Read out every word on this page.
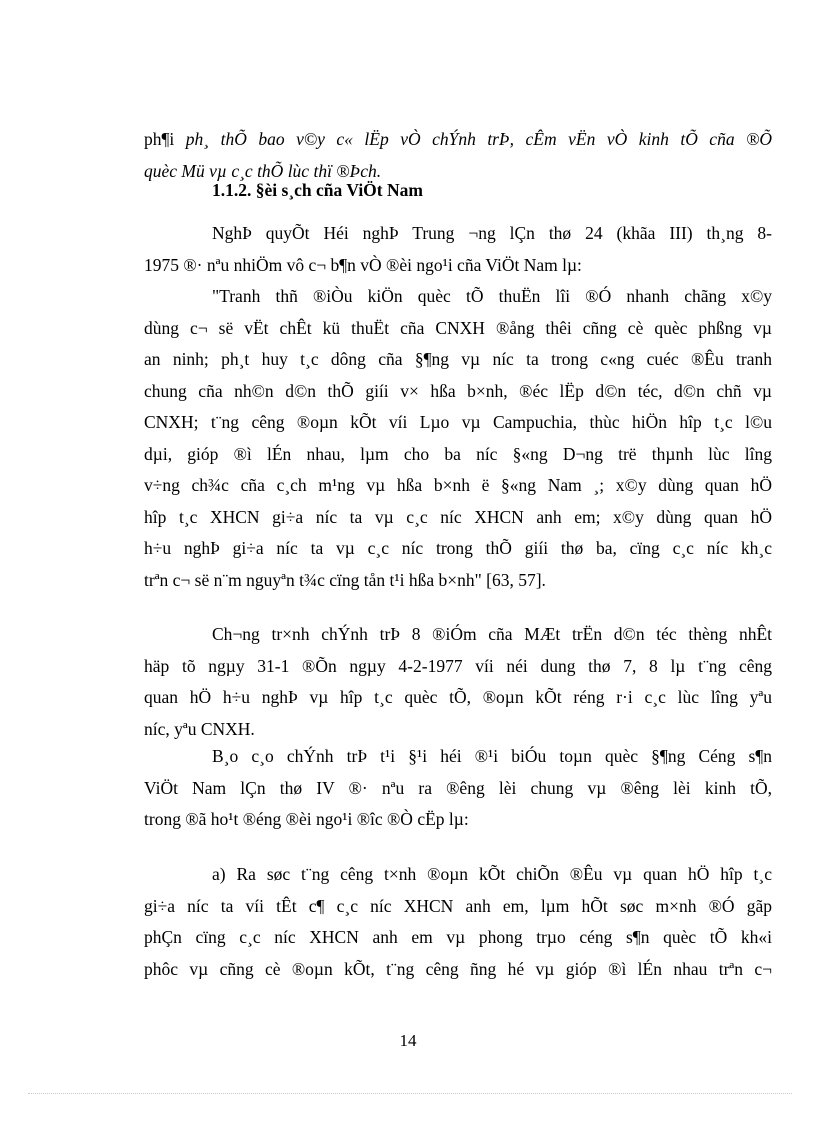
ph¶i ph¸ thÕ bao v©y c« lËp vÒ chÝnh trÞ, cÊm vËn vÒ kinh tÕ cña ®Õ
quèc Mü vµ c¸c thÕ lùc thï ®Þch.
1.1.2. §èi s¸ch cña ViÖt Nam
NghÞ quyÕt Héi nghÞ Trung ¬ng lÇn thø 24 (khãa III) th¸ng 8-
1975 ®· nªu nhiÖm vô c¬ b¶n vÒ ®èi ngo¹i cña ViÖt Nam lµ:
"Tranh thñ ®iÒu kiÖn quèc tÕ thuËn lîi ®Ó nhanh chãng x©y
dùng c¬ së vËt chÊt kü thuËt cña CNXH ®ång thêi cñng cè quèc phßng vµ
an ninh; ph¸t huy t¸c dông cña §¶ng vµ níc ta trong c«ng cuéc ®Êu tranh
chung cña nh©n d©n thÕ giíi v× hßa b×nh, ®éc lËp d©n téc, d©n chñ vµ
CNXH; t¨ng cêng ®oµn kÕt víi Lµo vµ Campuchia, thùc hiÖn hîp t¸c l©u
dµi, gióp ®ì lÉn nhau, lµm cho ba níc §«ng D¬ng trë thµnh lùc lîng
v÷ng ch¾c cña c¸ch m¹ng vµ hßa b×nh ë §«ng Nam ¸; x©y dùng quan hÖ
hîp t¸c XHCN gi÷a níc ta vµ c¸c níc XHCN anh em; x©y dùng quan hÖ
h÷u nghÞ gi÷a níc ta vµ c¸c níc trong thÕ giíi thø ba, cïng c¸c níc kh¸c
trªn c¬ së n¨m nguyªn t¾c cïng tån t¹i hßa b×nh" [63, 57].
Ch¬ng tr×nh chÝnh trÞ 8 ®iÓm cña MÆt trËn d©n téc thèng nhÊt
häp tõ ngµy 31-1 ®Õn ngµy 4-2-1977 víi néi dung thø 7, 8 lµ t¨ng cêng
quan hÖ h÷u nghÞ vµ hîp t¸c quèc tÕ, ®oµn kÕt réng r·i c¸c lùc lîng yªu
níc, yªu CNXH.
B¸o c¸o chÝnh trÞ t¹i §¹i héi ®¹i biÓu toµn quèc §¶ng Céng s¶n
ViÖt Nam lÇn thø IV ®· nªu ra ®êng lèi chung vµ ®êng lèi kinh tÕ,
trong ®ã ho¹t ®éng ®èi ngo¹i ®îc ®Ò cËp lµ:
a) Ra søc t¨ng cêng t×nh ®oµn kÕt chiÕn ®Êu vµ quan hÖ hîp t¸c
gi÷a níc ta víi tÊt c¶ c¸c níc XHCN anh em, lµm hÕt søc m×nh ®Ó gãp
phÇn cïng c¸c níc XHCN anh em vµ phong trµo céng s¶n quèc tÕ kh«i
phôc vµ cñng cè ®oµn kÕt, t¨ng cêng ñng hé vµ gióp ®ì lÉn nhau trªn c¬
14
